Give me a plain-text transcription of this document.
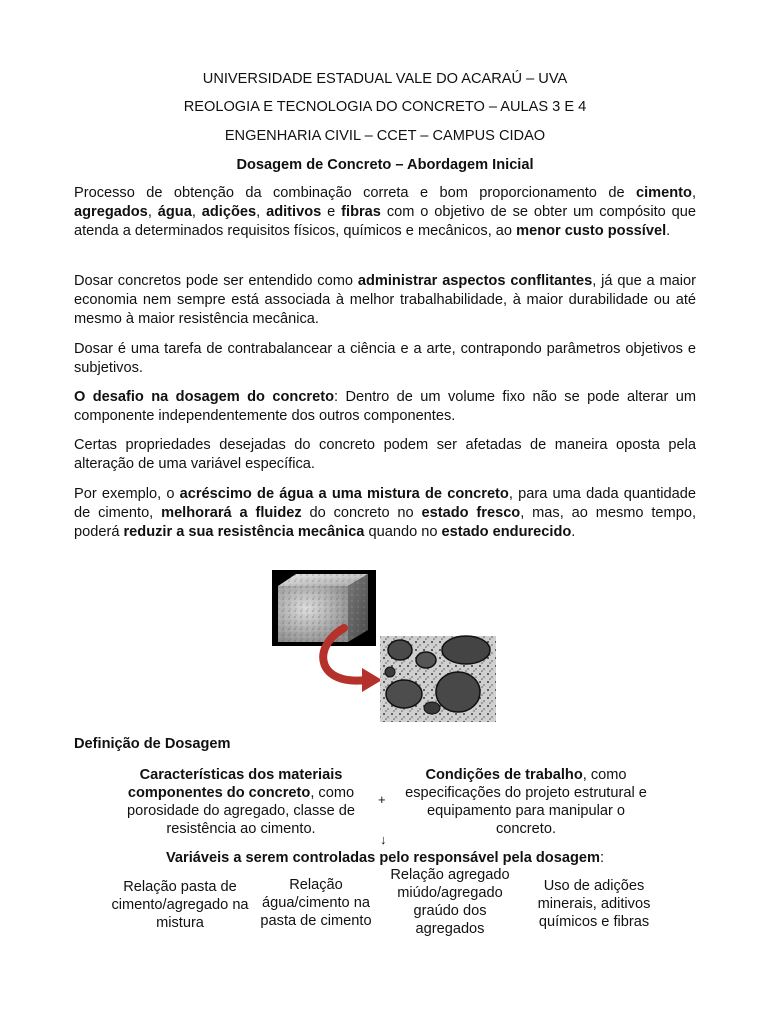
UNIVERSIDADE ESTADUAL VALE DO ACARAÚ – UVA
REOLOGIA E TECNOLOGIA DO CONCRETO – AULAS 3 E 4
ENGENHARIA CIVIL – CCET – CAMPUS CIDAO
Dosagem de Concreto – Abordagem Inicial
Processo de obtenção da combinação correta e bom proporcionamento de cimento, agregados, água, adições, aditivos e fibras com o objetivo de se obter um compósito que atenda a determinados requisitos físicos, químicos e mecânicos, ao menor custo possível.
Dosar concretos pode ser entendido como administrar aspectos conflitantes, já que a maior economia nem sempre está associada à melhor trabalhabilidade, à maior durabilidade ou até mesmo à maior resistência mecânica.
Dosar é uma tarefa de contrabalancear a ciência e a arte, contrapondo parâmetros objetivos e subjetivos.
O desafio na dosagem do concreto: Dentro de um volume fixo não se pode alterar um componente independentemente dos outros componentes.
Certas propriedades desejadas do concreto podem ser afetadas de maneira oposta pela alteração de uma variável específica.
Por exemplo, o acréscimo de água a uma mistura de concreto, para uma dada quantidade de cimento, melhorará a fluidez do concreto no estado fresco, mas, ao mesmo tempo, poderá reduzir a sua resistência mecânica quando no estado endurecido.
Definição de Dosagem
Características dos materiais componentes do concreto, como porosidade do agregado, classe de resistência ao cimento.
+
Condições de trabalho, como especificações do projeto estrutural e equipamento para manipular o concreto.
↓
Variáveis a serem controladas pelo responsável pela dosagem:
Relação pasta de cimento/agregado na mistura
Relação água/cimento na pasta de cimento
Relação agregado miúdo/agregado graúdo dos agregados
Uso de adições minerais, aditivos químicos e fibras
